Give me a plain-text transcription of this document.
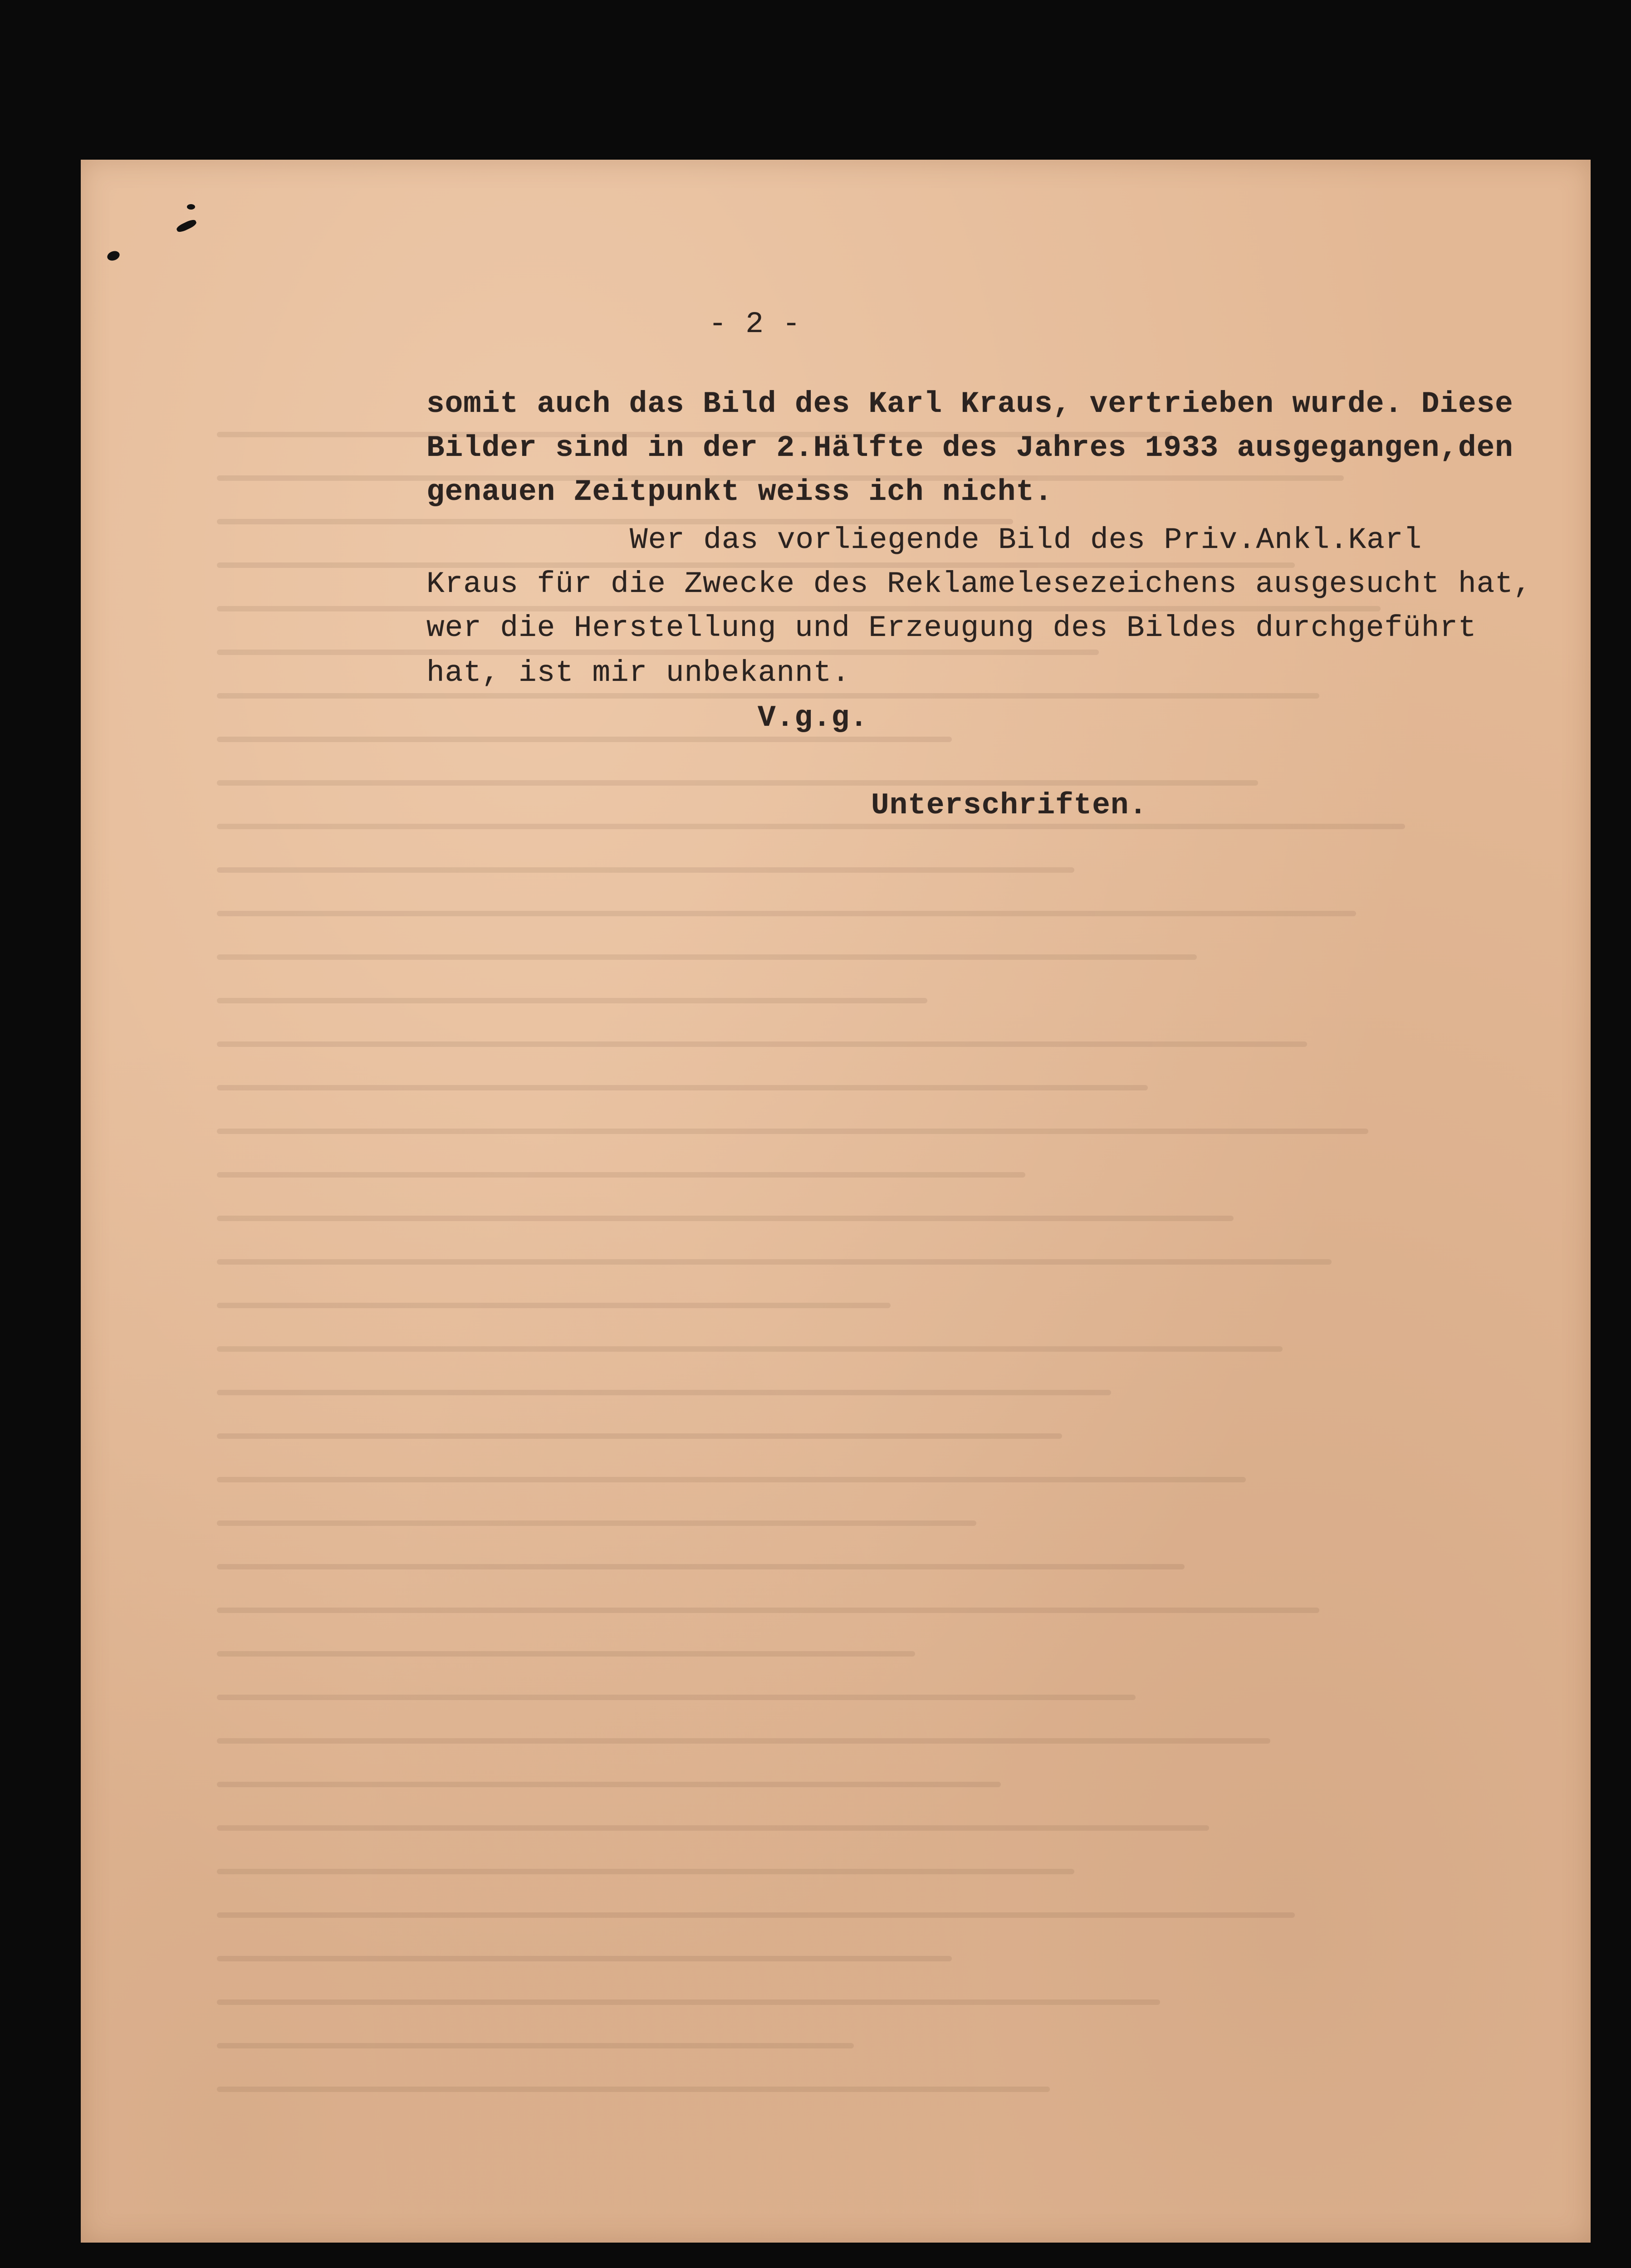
- 2 -
somit auch das Bild des Karl Kraus, vertrieben wurde. Diese
Bilder sind in der 2.Hälfte des Jahres 1933 ausgegangen,den
genauen Zeitpunkt weiss ich nicht.
Wer das vorliegende Bild des Priv.Ankl.Karl
Kraus für die Zwecke des Reklamelesezeichens ausgesucht hat,
wer die Herstellung und Erzeugung des Bildes durchgeführt
hat, ist mir unbekannt.
V.g.g.
Unterschriften.
